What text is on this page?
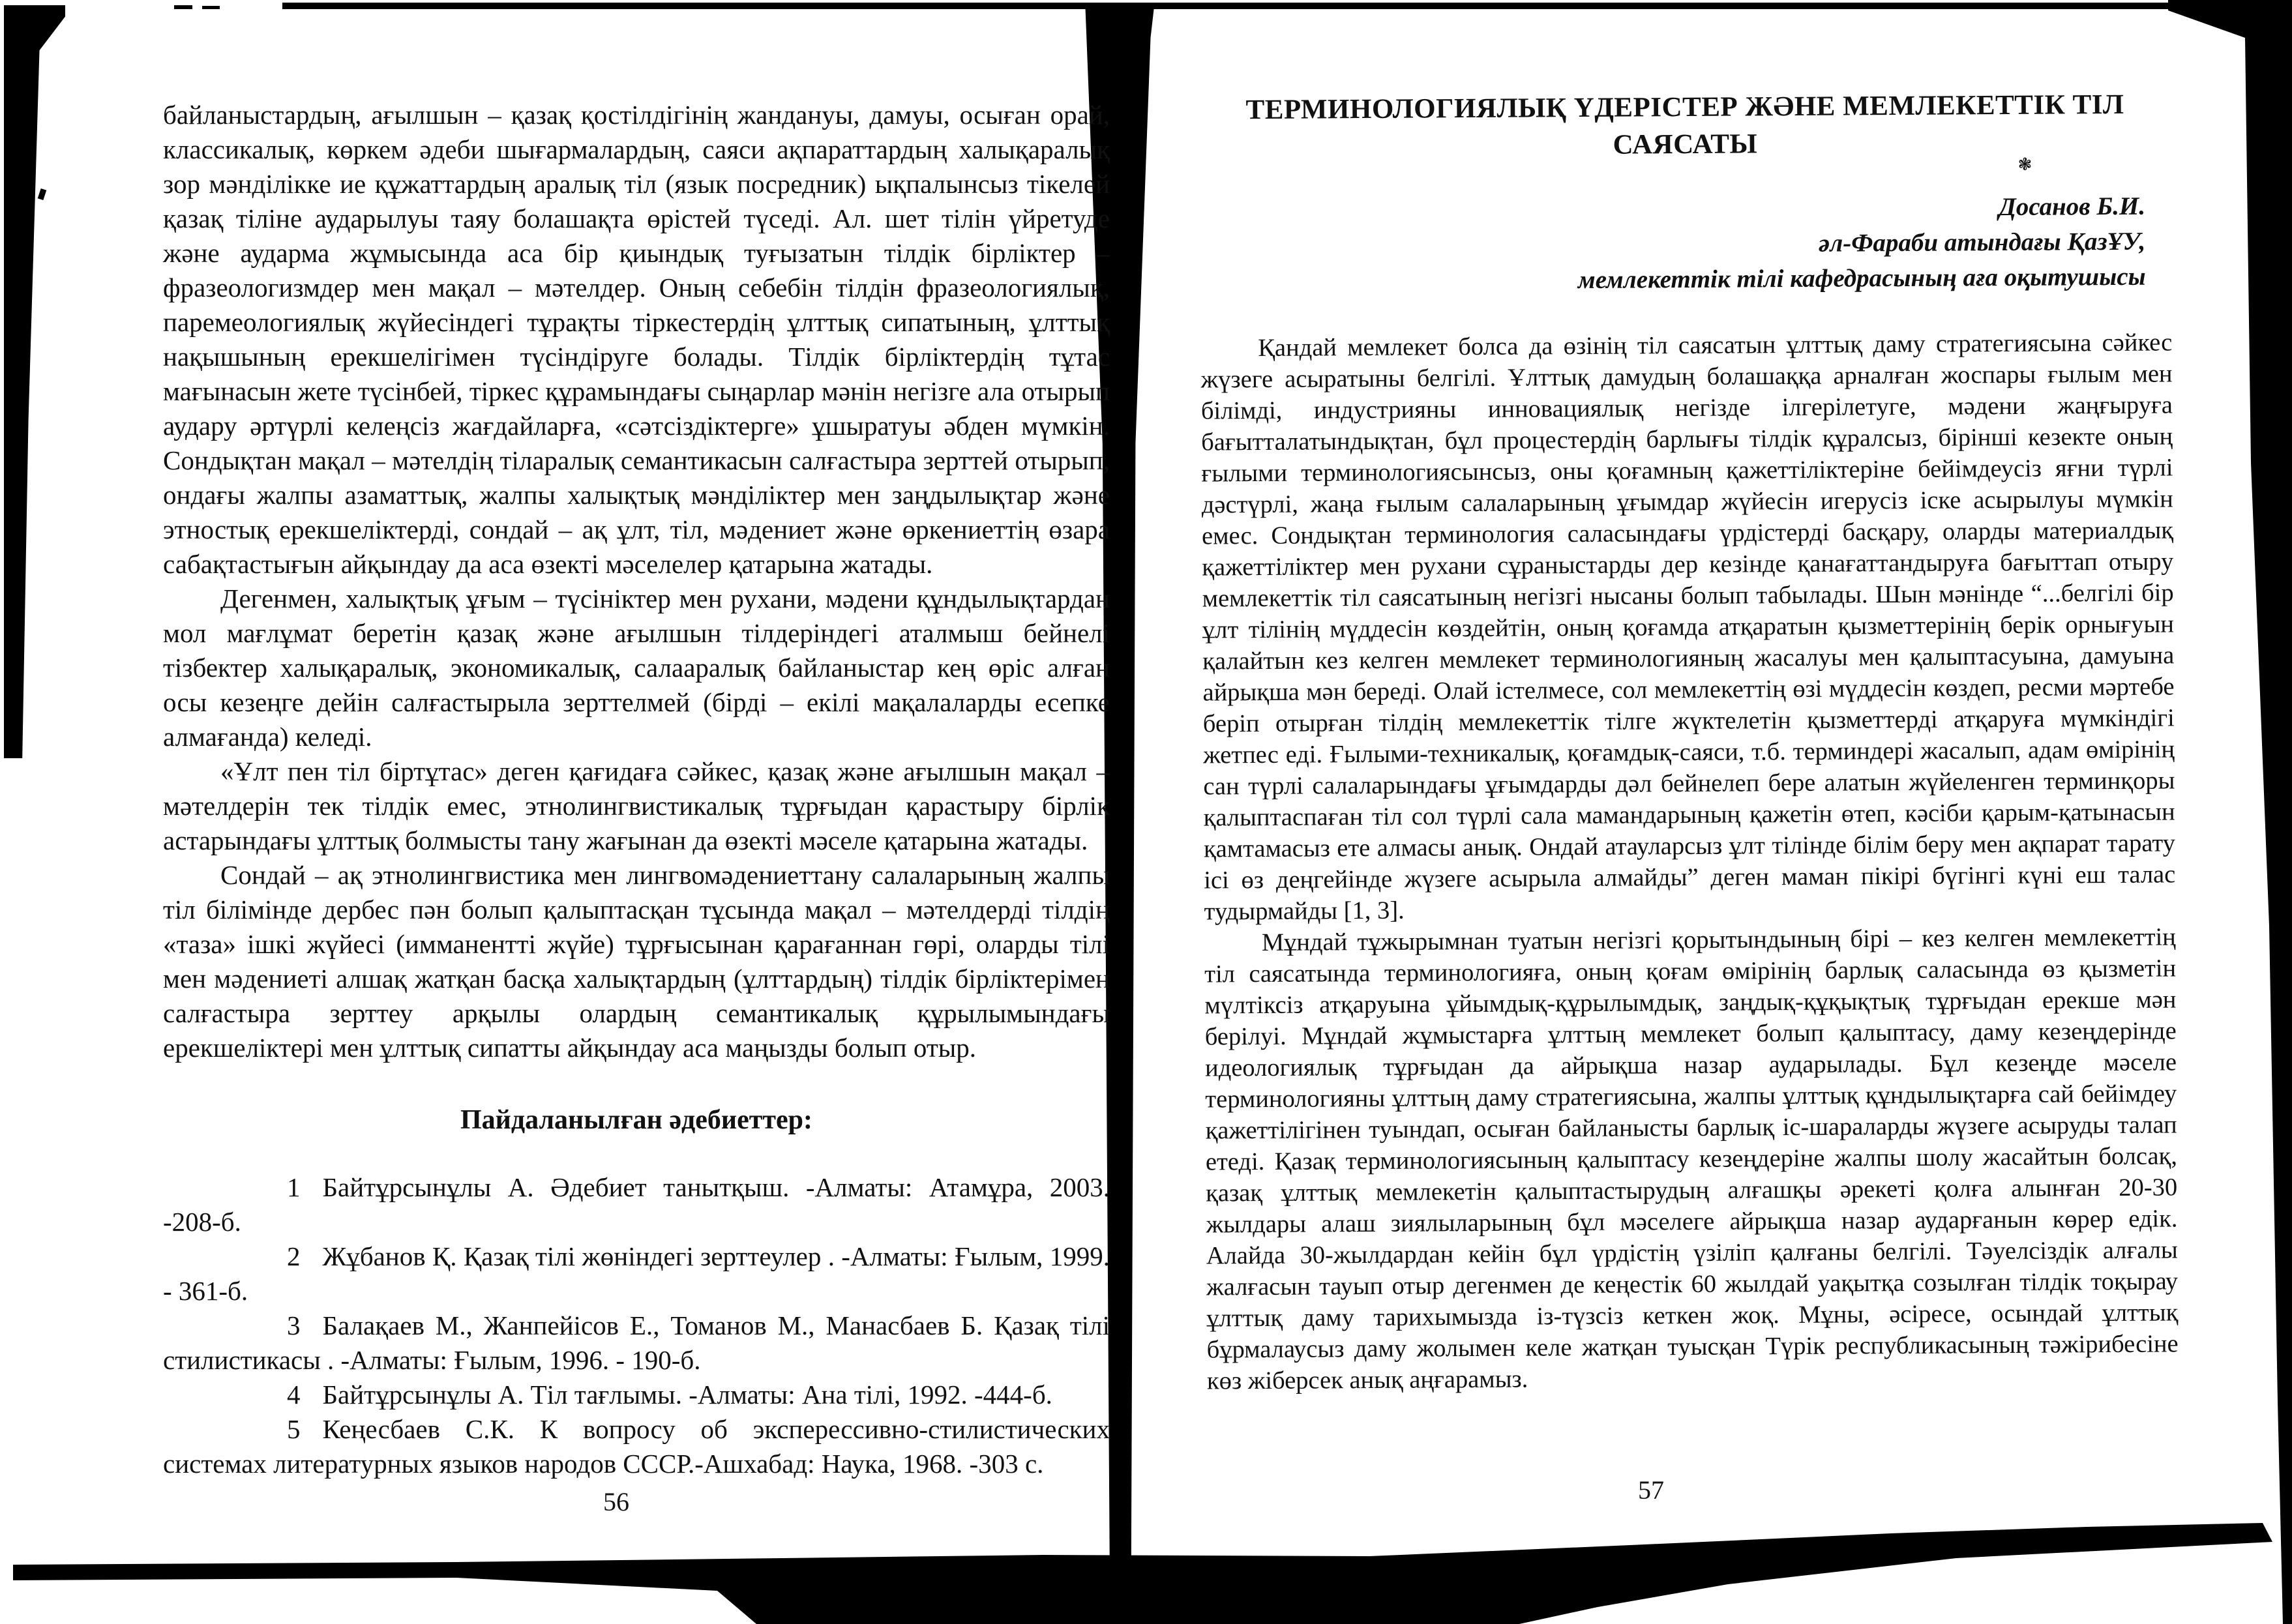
байланыстардың, ағылшын – қазақ қостілдігінің жандануы, дамуы, осыған орай, классикалық, көркем әдеби шығармалардың, саяси ақпараттардың халықаралық зор мәнділікке ие құжаттардың аралық тіл (язык посредник) ықпалынсыз тікелей қазақ тіліне аударылуы таяу болашақта өрістей түседі. Ал. шет тілін үйретуде және аударма жұмысында аса бір қиындық туғызатын тілдік бірліктер – фразеологизмдер мен мақал – мәтелдер. Оның себебін тілдін фразеологиялық, паремеологиялық жүйесіндегі тұрақты тіркестердің ұлттық сипатының, ұлттық нақышының ерекшелігімен түсіндіруге болады. Тілдік бірліктердің тұтас мағынасын жете түсінбей, тіркес құрамындағы сыңарлар мәнін негізге ала отырып аудару әртүрлі келеңсіз жағдайларға, «сәтсіздіктерге» ұшыратуы әбден мүмкін. Сондықтан мақал – мәтелдің тіларалық семантикасын салғастыра зерттей отырып, ондағы жалпы азаматтық, жалпы халықтық мәнділіктер мен заңдылықтар және этностық ерекшеліктерді, сондай – ақ ұлт, тіл, мәдениет және өркениеттің өзара сабақтастығын айқындау да аса өзекті мәселелер қатарына жатады.

Дегенмен, халықтық ұғым – түсініктер мен рухани, мәдени құндылықтардан мол мағлұмат беретін қазақ және ағылшын тілдеріндегі аталмыш бейнелі тізбектер халықаралық, экономикалық, салааралық байланыстар кең өріс алған осы кезеңге дейін салғастырыла зерттелмей (бірді – екілі мақалаларды есепке алмағанда) келеді.

«Ұлт пен тіл біртұтас» деген қағидаға сәйкес, қазақ және ағылшын мақал – мәтелдерін тек тілдік емес, этнолингвистикалық тұрғыдан қарастыру бірлік астарындағы ұлттық болмысты тану жағынан да өзекті мәселе қатарына жатады.

Сондай – ақ этнолингвистика мен лингвомәдениеттану салаларының жалпы тіл білімінде дербес пән болып қалыптасқан тұсында мақал – мәтелдерді тілдің «таза» ішкі жүйесі (имманентті жүйе) тұрғысынан қарағаннан гөрі, оларды тілі мен мәдениеті алшақ жатқан басқа халықтардың (ұлттардың) тілдік бірліктерімен салғастыра зерттеу арқылы олардың семантикалық құрылымындағы ерекшеліктері мен ұлттық сипатты айқындау аса маңызды болып отыр.

Пайдаланылған әдебиеттер:

1 Байтұрсынұлы А. Әдебиет танытқыш. -Алматы: Атамұра, 2003. -208-б.

2 Жұбанов Қ. Қазақ тілі жөніндегі зерттеулер . -Алматы: Ғылым, 1999. - 361-б.

3 Балақаев М., Жанпейісов Е., Томанов М., Манасбаев Б. Қазақ тілі стилистикасы . -Алматы: Ғылым, 1996. - 190-б.

4 Байтұрсынұлы А. Тіл тағлымы. -Алматы: Ана тілі, 1992. -444-б.

5 Кеңесбаев С.К. К вопросу об эксперессивно-стилистических системах литературных языков народов СССР.-Ашхабад: Наука, 1968. -303 с.

56
ТЕРМИНОЛОГИЯЛЫҚ ҮДЕРІСТЕР ЖӘНЕ МЕМЛЕКЕТТІК ТІЛ
САЯСАТЫ
❃
Досанов Б.И.
әл-Фараби атындағы ҚазҰУ,
мемлекеттік тілі кафедрасының аға оқытушысы

Қандай мемлекет болса да өзінің тіл саясатын ұлттық даму стратегиясына сәйкес жүзеге асыратыны белгілі. Ұлттық дамудың болашаққа арналған жоспары ғылым мен білімді, индустрияны инновациялық негізде ілгерілетуге, мәдени жаңғыруға бағытталатындықтан, бұл процестердің барлығы тілдік құралсыз, бірінші кезекте оның ғылыми терминологиясынсыз, оны қоғамның қажеттіліктеріне бейімдеусіз яғни түрлі дәстүрлі, жаңа ғылым салаларының ұғымдар жүйесін игерусіз іске асырылуы мүмкін емес. Сондықтан терминология саласындағы үрдістерді басқару, оларды материалдық қажеттіліктер мен рухани сұраныстарды дер кезінде қанағаттандыруға бағыттап отыру мемлекеттік тіл саясатының негізгі нысаны болып табылады. Шын мәнінде “...белгілі бір ұлт тілінің мүддесін көздейтін, оның қоғамда атқаратын қызметтерінің берік орнығуын қалайтын кез келген мемлекет терминологияның жасалуы мен қалыптасуына, дамуына айрықша мән береді. Олай істелмесе, сол мемлекеттің өзі мүддесін көздеп, ресми мәртебе беріп отырған тілдің мемлекеттік тілге жүктелетін қызметтерді атқаруға мүмкіндігі жетпес еді. Ғылыми-техникалық, қоғамдық-саяси, т.б. терминдері жасалып, адам өмірінің сан түрлі салаларындағы ұғымдарды дәл бейнелеп бере алатын жүйеленген терминқоры қалыптаспаған тіл сол түрлі сала мамандарының қажетін өтеп, кәсіби қарым-қатынасын қамтамасыз ете алмасы анық. Ондай атауларсыз ұлт тілінде білім беру мен ақпарат тарату ісі өз деңгейінде жүзеге асырыла алмайды” деген маман пікірі бүгінгі күні еш талас тудырмайды [1, 3].

Мұндай тұжырымнан туатын негізгі қорытындының бірі – кез келген мемлекеттің тіл саясатында терминологияға, оның қоғам өмірінің барлық саласында өз қызметін мүлтіксіз атқаруына ұйымдық-құрылымдық, заңдық-құқықтық тұрғыдан ерекше мән берілуі. Мұндай жұмыстарға ұлттың мемлекет болып қалыптасу, даму кезеңдерінде идеологиялық тұрғыдан да айрықша назар аударылады. Бұл кезеңде мәселе терминологияны ұлттың даму стратегиясына, жалпы ұлттық құндылықтарға сай бейімдеу қажеттілігінен туындап, осыған байланысты барлық іс-шараларды жүзеге асыруды талап етеді. Қазақ терминологиясының қалыптасу кезеңдеріне жалпы шолу жасайтын болсақ, қазақ ұлттық мемлекетін қалыптастырудың алғашқы әрекеті қолға алынған 20-30 жылдары алаш зиялыларының бұл мәселеге айрықша назар аударғанын көрер едік. Алайда 30-жылдардан кейін бұл үрдістің үзіліп қалғаны белгілі. Тәуелсіздік алғалы жалғасын тауып отыр дегенмен де кеңестік 60 жылдай уақытқа созылған тілдік тоқырау ұлттық даму тарихымызда із-түзсіз кеткен жоқ. Мұны, әсіресе, осындай ұлттық бұрмалаусыз даму жолымен келе жатқан туысқан Түрік республикасының тәжірибесіне көз жіберсек анық аңғарамыз.

57
